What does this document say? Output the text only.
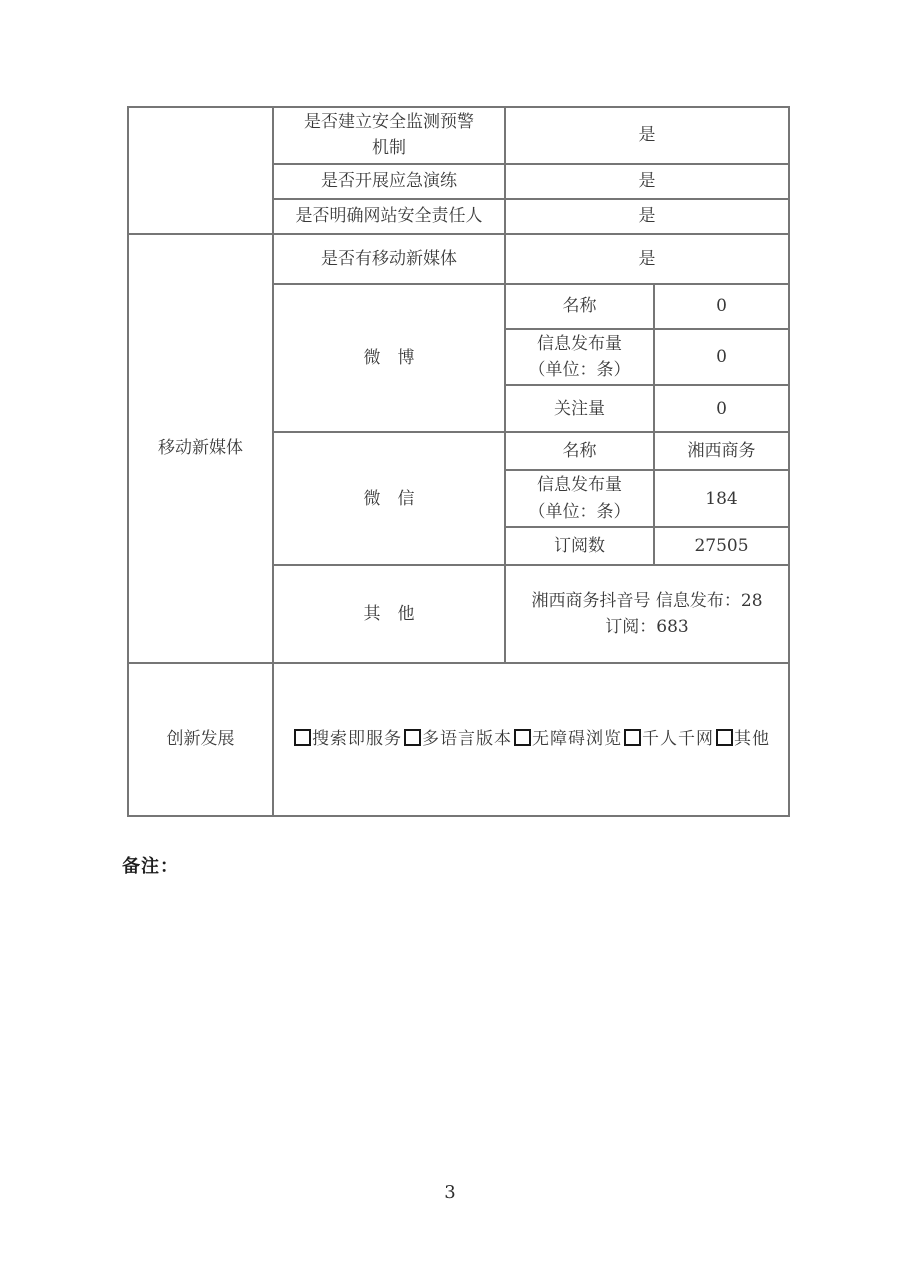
	是否建立安全监测预警
机制	是	
	是否开展应急演练	是	
	是否明确网站安全责任人	是	
移动新媒体	是否有移动新媒体	是	
	微　博	名称	0

		信息发布量
（单位：条）	0
		关注量	0
	微　信	名称	湘西商务

		信息发布量
（单位：条）	184
		订阅数	27505
	其　他	湘西商务抖音号 信息发布：28
订阅：683	

创新发展	搜索即服务 多语言版本 无障碍浏览 千人千网 其他		
备注：
3
